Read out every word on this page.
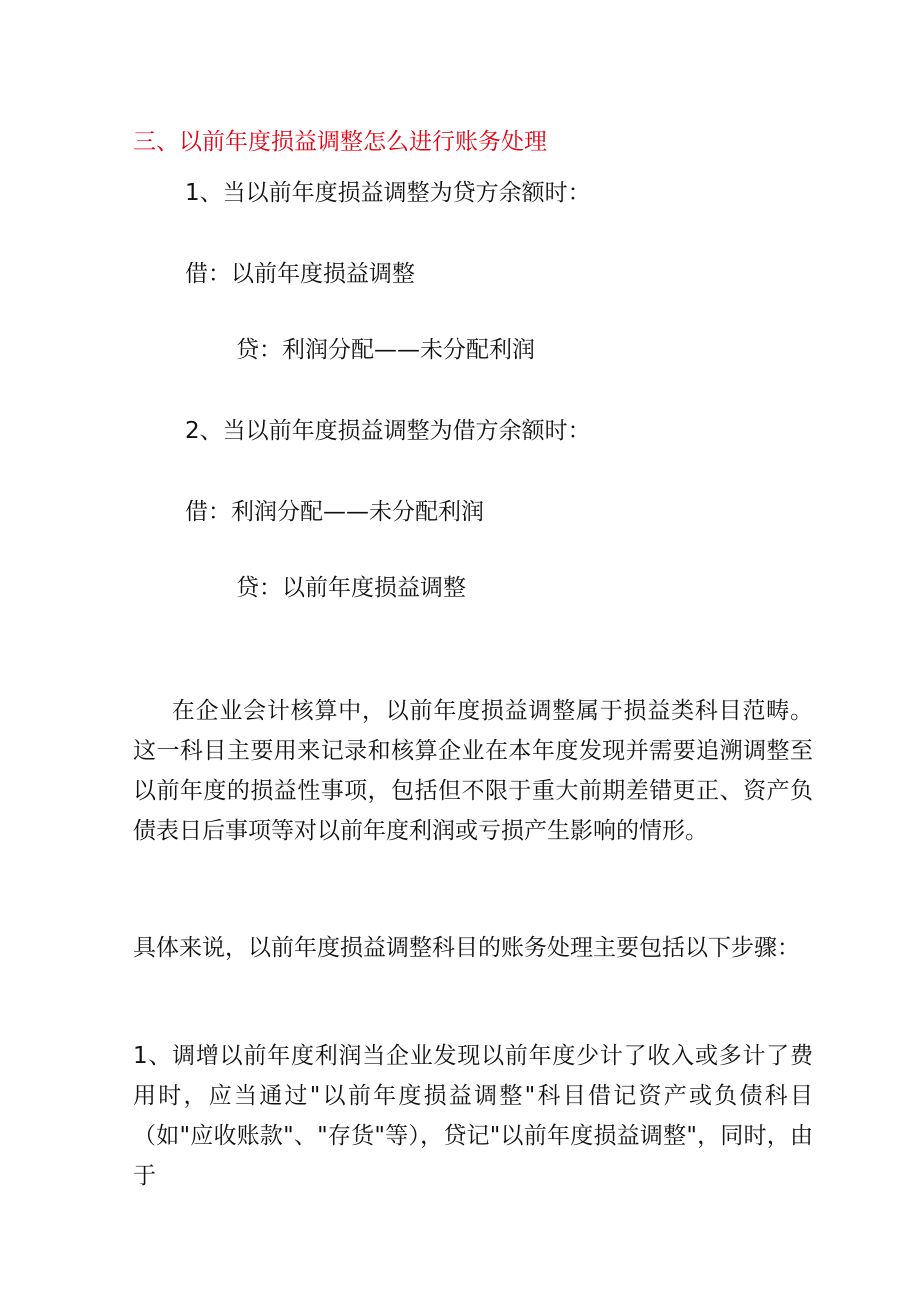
三、以前年度损益调整怎么进行账务处理
1、当以前年度损益调整为贷方余额时：
借：以前年度损益调整
贷：利润分配——未分配利润
2、当以前年度损益调整为借方余额时：
借：利润分配——未分配利润
贷：以前年度损益调整
在企业会计核算中，以前年度损益调整属于损益类科目范畴。这一科目主要用来记录和核算企业在本年度发现并需要追溯调整至以前年度的损益性事项，包括但不限于重大前期差错更正、资产负债表日后事项等对以前年度利润或亏损产生影响的情形。
具体来说，以前年度损益调整科目的账务处理主要包括以下步骤：
1、调增以前年度利润当企业发现以前年度少计了收入或多计了费用时，应当通过"以前年度损益调整"科目借记资产或负债科目（如"应收账款"、"存货"等），贷记"以前年度损益调整"，同时，由于
